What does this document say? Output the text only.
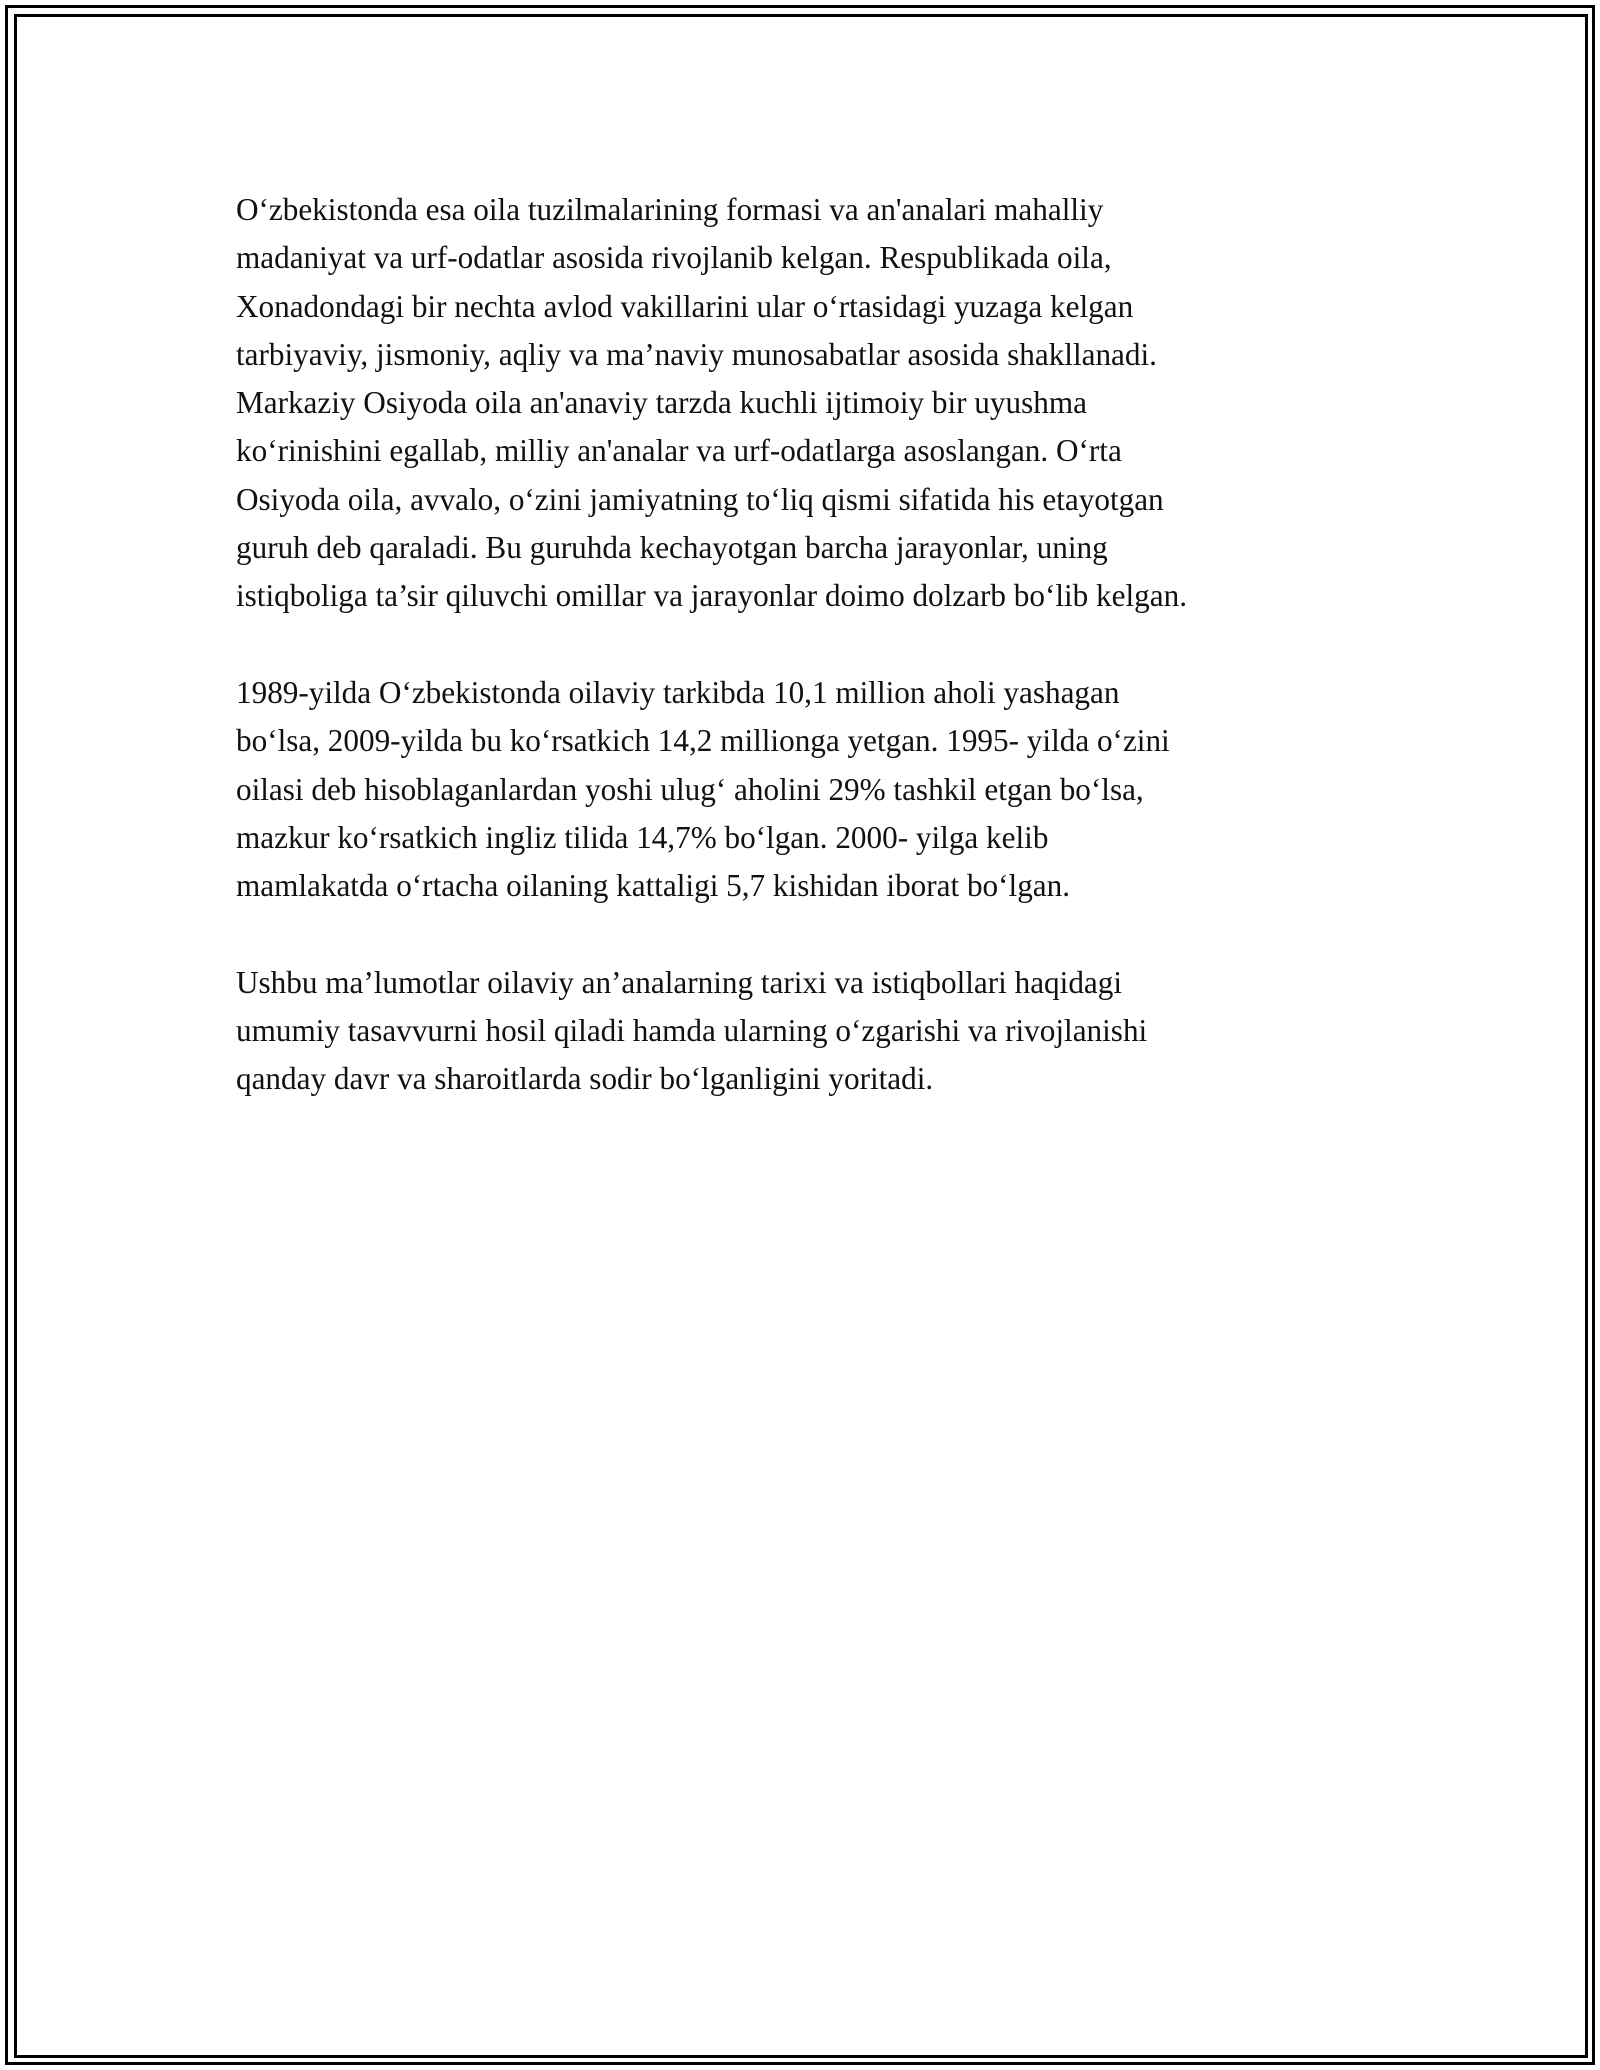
O‘zbekistonda esa oila tuzilmalarining formasi va an'analari mahalliy
madaniyat va urf-odatlar asosida rivojlanib kelgan. Respublikada oila,
Xonadondagi bir nechta avlod vakillarini ular o‘rtasidagi yuzaga kelgan
tarbiyaviy, jismoniy, aqliy va ma’naviy munosabatlar asosida shakllanadi.
Markaziy Osiyoda oila an'anaviy tarzda kuchli ijtimoiy bir uyushma
ko‘rinishini egallab, milliy an'analar va urf-odatlarga asoslangan. O‘rta
Osiyoda oila, avvalo, o‘zini jamiyatning to‘liq qismi sifatida his etayotgan
guruh deb qaraladi. Bu guruhda kechayotgan barcha jarayonlar, uning
istiqboliga ta’sir qiluvchi omillar va jarayonlar doimo dolzarb bo‘lib kelgan.

1989-yilda O‘zbekistonda oilaviy tarkibda 10,1 million aholi yashagan
bo‘lsa, 2009-yilda bu ko‘rsatkich 14,2 millionga yetgan. 1995- yilda o‘zini
oilasi deb hisoblaganlardan yoshi ulug‘ aholini 29% tashkil etgan bo‘lsa,
mazkur ko‘rsatkich ingliz tilida 14,7% bo‘lgan. 2000- yilga kelib
mamlakatda o‘rtacha oilaning kattaligi 5,7 kishidan iborat bo‘lgan.

Ushbu ma’lumotlar oilaviy an’analarning tarixi va istiqbollari haqidagi
umumiy tasavvurni hosil qiladi hamda ularning o‘zgarishi va rivojlanishi
qanday davr va sharoitlarda sodir bo‘lganligini yoritadi.
